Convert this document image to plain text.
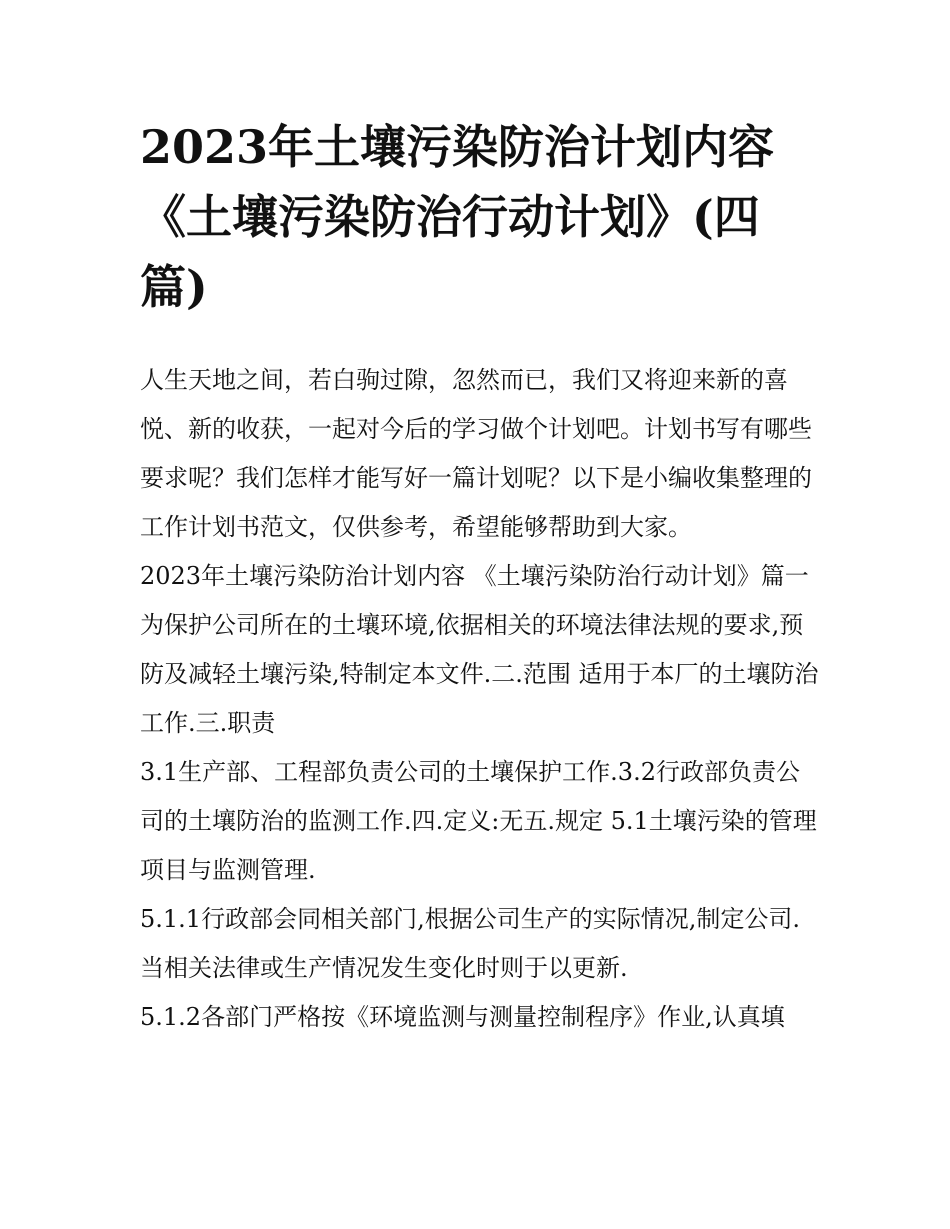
2023年土壤污染防治计划内容《土壤污染防治行动计划》(四篇)

人生天地之间，若白驹过隙，忽然而已，我们又将迎来新的喜悦、新的收获，一起对今后的学习做个计划吧。计划书写有哪些要求呢？我们怎样才能写好一篇计划呢？以下是小编收集整理的工作计划书范文，仅供参考，希望能够帮助到大家。

2023年土壤污染防治计划内容 《土壤污染防治行动计划》篇一

为保护公司所在的土壤环境,依据相关的环境法律法规的要求,预防及减轻土壤污染,特制定本文件.二.范围 适用于本厂的土壤防治工作.三.职责

3.1生产部、工程部负责公司的土壤保护工作.3.2行政部负责公司的土壤防治的监测工作.四.定义:无五.规定 5.1土壤污染的管理项目与监测管理.

5.1.1行政部会同相关部门,根据公司生产的实际情况,制定公司.当相关法律或生产情况发生变化时则于以更新.

5.1.2各部门严格按《环境监测与测量控制程序》作业,认真填
